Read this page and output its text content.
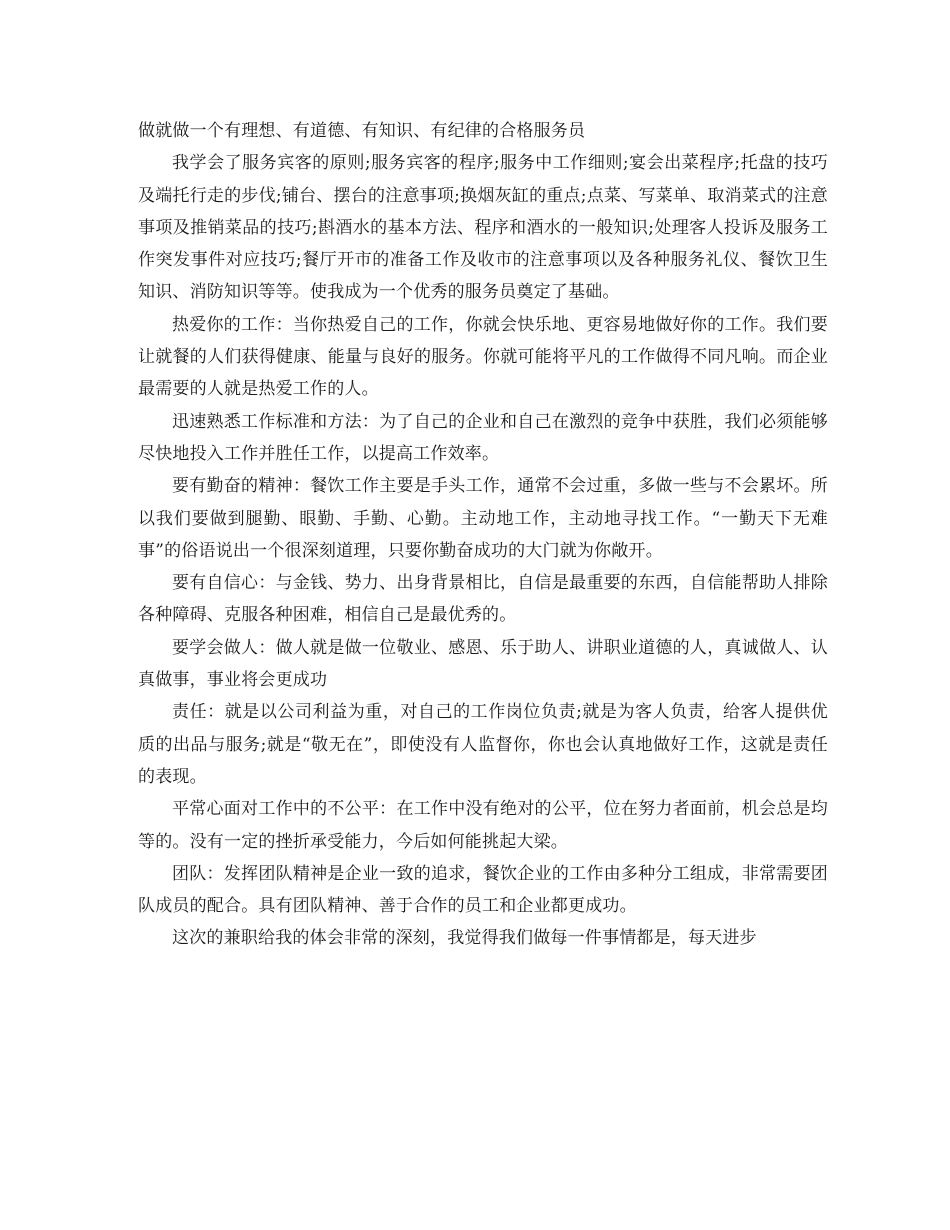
做就做一个有理想、有道德、有知识、有纪律的合格服务员

我学会了服务宾客的原则;服务宾客的程序;服务中工作细则;宴会出菜程序;托盘的技巧及端托行走的步伐;铺台、摆台的注意事项;换烟灰缸的重点;点菜、写菜单、取消菜式的注意事项及推销菜品的技巧;斟酒水的基本方法、程序和酒水的一般知识;处理客人投诉及服务工作突发事件对应技巧;餐厅开市的准备工作及收市的注意事项以及各种服务礼仪、餐饮卫生知识、消防知识等等。使我成为一个优秀的服务员奠定了基础。

热爱你的工作：当你热爱自己的工作，你就会快乐地、更容易地做好你的工作。我们要让就餐的人们获得健康、能量与良好的服务。你就可能将平凡的工作做得不同凡响。而企业最需要的人就是热爱工作的人。

迅速熟悉工作标准和方法：为了自己的企业和自己在激烈的竞争中获胜，我们必须能够尽快地投入工作并胜任工作，以提高工作效率。

要有勤奋的精神：餐饮工作主要是手头工作，通常不会过重，多做一些与不会累坏。所以我们要做到腿勤、眼勤、手勤、心勤。主动地工作，主动地寻找工作。“一勤天下无难事”的俗语说出一个很深刻道理，只要你勤奋成功的大门就为你敞开。

要有自信心：与金钱、势力、出身背景相比，自信是最重要的东西，自信能帮助人排除各种障碍、克服各种困难，相信自己是最优秀的。

要学会做人：做人就是做一位敬业、感恩、乐于助人、讲职业道德的人，真诚做人、认真做事，事业将会更成功

责任：就是以公司利益为重，对自己的工作岗位负责;就是为客人负责，给客人提供优质的出品与服务;就是“敬无在”，即使没有人监督你，你也会认真地做好工作，这就是责任的表现。

平常心面对工作中的不公平：在工作中没有绝对的公平，位在努力者面前，机会总是均等的。没有一定的挫折承受能力，今后如何能挑起大梁。

团队：发挥团队精神是企业一致的追求，餐饮企业的工作由多种分工组成，非常需要团队成员的配合。具有团队精神、善于合作的员工和企业都更成功。

这次的兼职给我的体会非常的深刻，我觉得我们做每一件事情都是，每天进步
